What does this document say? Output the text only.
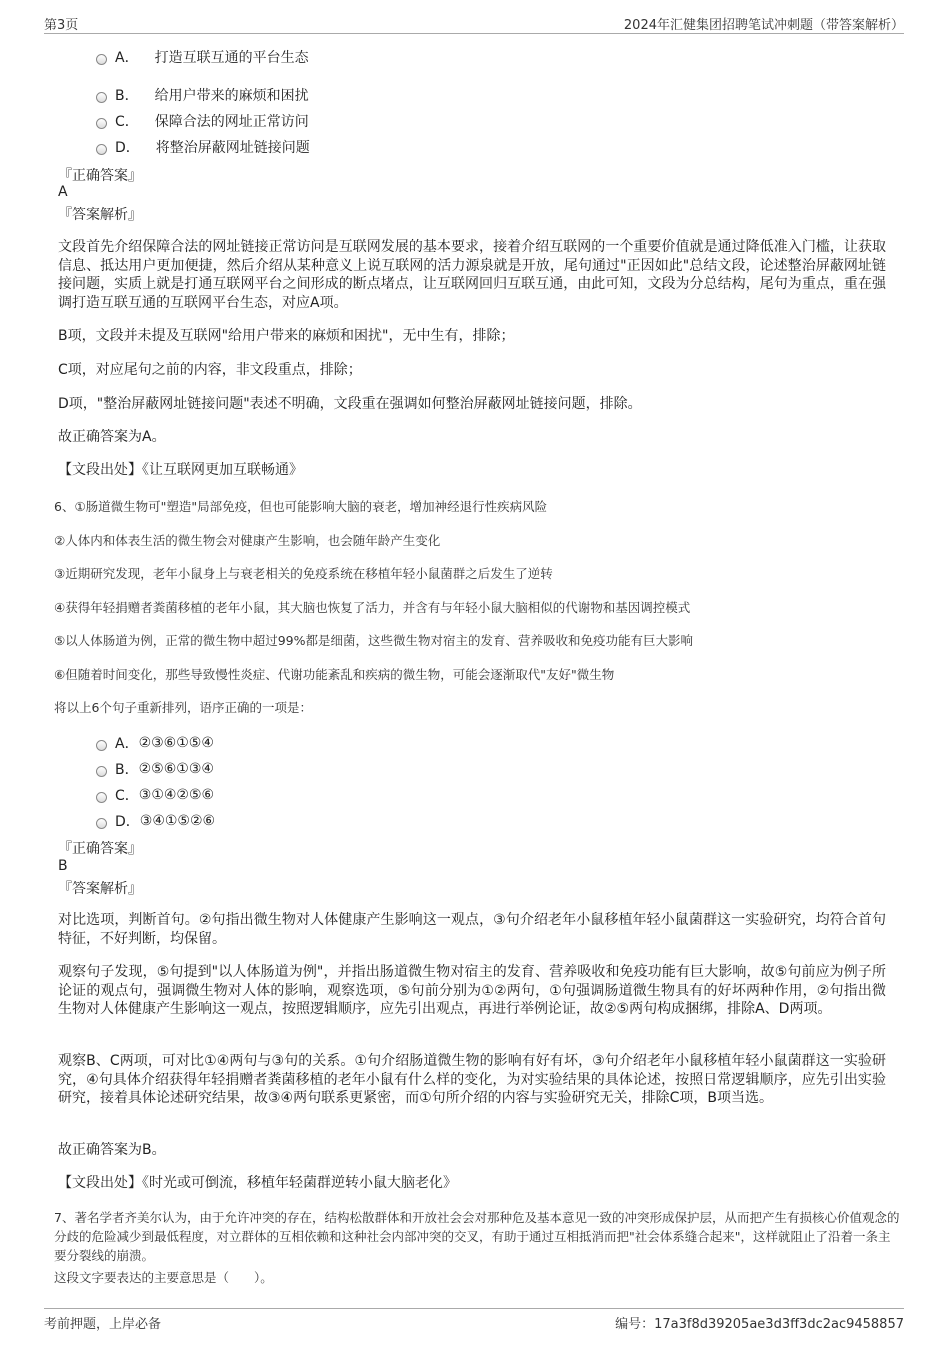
第3页	2024年汇健集团招聘笔试冲刺题（带答案解析）
A． 打造互联互通的平台生态
B． 给用户带来的麻烦和困扰
C． 保障合法的网址正常访问
D． 将整治屏蔽网址链接问题
『正确答案』
A
『答案解析』
文段首先介绍保障合法的网址链接正常访问是互联网发展的基本要求，接着介绍互联网的一个重要价值就是通过降低准入门槛，让获取信息、抵达用户更加便捷，然后介绍从某种意义上说互联网的活力源泉就是开放，尾句通过"正因如此"总结文段，论述整治屏蔽网址链接问题，实质上就是打通互联网平台之间形成的断点堵点，让互联网回归互联互通，由此可知，文段为分总结构，尾句为重点，重在强调打造互联互通的互联网平台生态，对应A项。
B项，文段并未提及互联网"给用户带来的麻烦和困扰"，无中生有，排除；
C项，对应尾句之前的内容，非文段重点，排除；
D项，"整治屏蔽网址链接问题"表述不明确，文段重在强调如何整治屏蔽网址链接问题，排除。
故正确答案为A。
【文段出处】《让互联网更加互联畅通》
6、①肠道微生物可"塑造"局部免疫，但也可能影响大脑的衰老，增加神经退行性疾病风险
②人体内和体表生活的微生物会对健康产生影响，也会随年龄产生变化
③近期研究发现，老年小鼠身上与衰老相关的免疫系统在移植年轻小鼠菌群之后发生了逆转
④获得年轻捐赠者粪菌移植的老年小鼠，其大脑也恢复了活力，并含有与年轻小鼠大脑相似的代谢物和基因调控模式
⑤以人体肠道为例，正常的微生物中超过99%都是细菌，这些微生物对宿主的发育、营养吸收和免疫功能有巨大影响
⑥但随着时间变化，那些导致慢性炎症、代谢功能紊乱和疾病的微生物，可能会逐渐取代"友好"微生物
将以上6个句子重新排列，语序正确的一项是：
A． ②③⑥①⑤④
B． ②⑤⑥①③④
C． ③①④②⑤⑥
D． ③④①⑤②⑥
『正确答案』
B
『答案解析』
对比选项，判断首句。②句指出微生物对人体健康产生影响这一观点，③句介绍老年小鼠移植年轻小鼠菌群这一实验研究，均符合首句特征，不好判断，均保留。
观察句子发现，⑤句提到"以人体肠道为例"，并指出肠道微生物对宿主的发育、营养吸收和免疫功能有巨大影响，故⑤句前应为例子所论证的观点句，强调微生物对人体的影响，观察选项，⑤句前分别为①②两句，①句强调肠道微生物具有的好坏两种作用，②句指出微生物对人体健康产生影响这一观点，按照逻辑顺序，应先引出观点，再进行举例论证，故②⑤两句构成捆绑，排除A、D两项。
观察B、C两项，可对比①④两句与③句的关系。①句介绍肠道微生物的影响有好有坏，③句介绍老年小鼠移植年轻小鼠菌群这一实验研究，④句具体介绍获得年轻捐赠者粪菌移植的老年小鼠有什么样的变化，为对实验结果的具体论述，按照日常逻辑顺序，应先引出实验研究，接着具体论述研究结果，故③④两句联系更紧密，而①句所介绍的内容与实验研究无关，排除C项，B项当选。
故正确答案为B。
【文段出处】《时光或可倒流，移植年轻菌群逆转小鼠大脑老化》
7、著名学者齐美尔认为，由于允许冲突的存在，结构松散群体和开放社会会对那种危及基本意见一致的冲突形成保护层，从而把产生有损核心价值观念的分歧的危险减少到最低程度，对立群体的互相依赖和这种社会内部冲突的交叉，有助于通过互相抵消而把"社会体系缝合起来"，这样就阻止了沿着一条主要分裂线的崩溃。
这段文字要表达的主要意思是（　　）。
考前押题，上岸必备	编号：17a3f8d39205ae3d3ff3dc2ac9458857
